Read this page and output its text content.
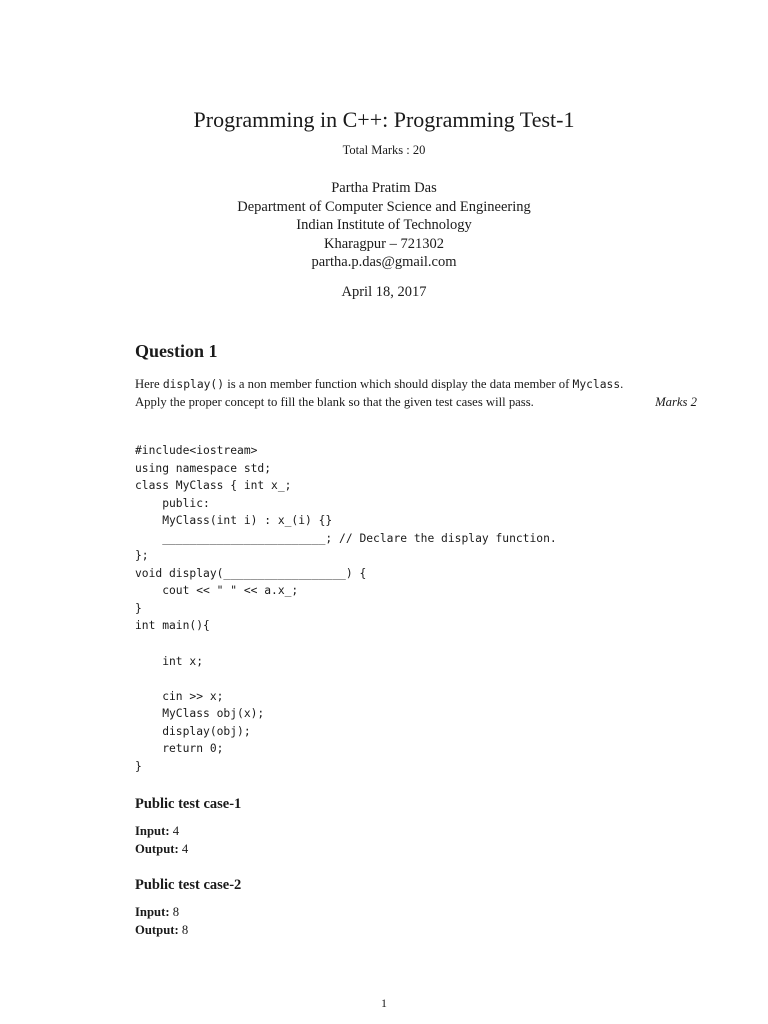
Programming in C++: Programming Test-1
Total Marks : 20
Partha Pratim Das
Department of Computer Science and Engineering
Indian Institute of Technology
Kharagpur – 721302
partha.p.das@gmail.com
April 18, 2017
Question 1
Here display() is a non member function which should display the data member of Myclass.
Apply the proper concept to fill the blank so that the given test cases will pass.	Marks 2
#include<iostream>
using namespace std;
class MyClass { int x_;
public:
MyClass(int i) : x_(i) {}
________________________; // Declare the display function.
};
void display(__________________) {
cout << " " << a.x_;
}
int main(){

int x;

cin >> x;
MyClass obj(x);
display(obj);
return 0;
}
Public test case-1
Input: 4
Output: 4
Public test case-2
Input: 8
Output: 8
1
